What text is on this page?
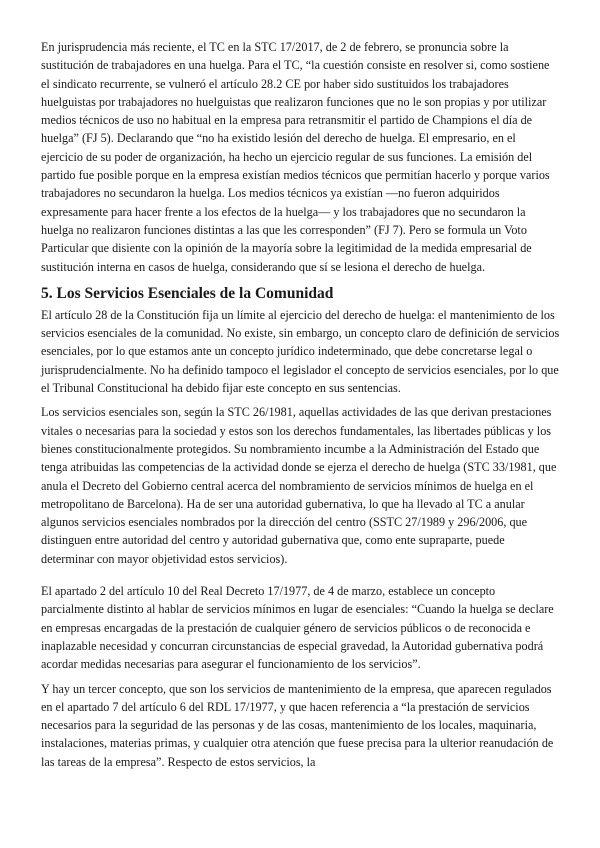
En jurisprudencia más reciente, el TC en la STC 17/2017, de 2 de febrero, se pronuncia sobre la sustitución de trabajadores en una huelga. Para el TC, “la cuestión consiste en resolver si, como sostiene el sindicato recurrente, se vulneró el artículo 28.2 CE por haber sido sustituidos los trabajadores huelguistas por trabajadores no huelguistas que realizaron funciones que no le son propias y por utilizar medios técnicos de uso no habitual en la empresa para retransmitir el partido de Champions el día de huelga” (FJ 5). Declarando que “no ha existido lesión del derecho de huelga. El empresario, en el ejercicio de su poder de organización, ha hecho un ejercicio regular de sus funciones. La emisión del partido fue posible porque en la empresa existían medios técnicos que permitían hacerlo y porque varios trabajadores no secundaron la huelga. Los medios técnicos ya existían —no fueron adquiridos expresamente para hacer frente a los efectos de la huelga— y los trabajadores que no secundaron la huelga no realizaron funciones distintas a las que les corresponden” (FJ 7). Pero se formula un Voto Particular que disiente con la opinión de la mayoría sobre la legitimidad de la medida empresarial de sustitución interna en casos de huelga, considerando que sí se lesiona el derecho de huelga.

5. Los Servicios Esenciales de la Comunidad

El artículo 28 de la Constitución fija un límite al ejercicio del derecho de huelga: el mantenimiento de los servicios esenciales de la comunidad. No existe, sin embargo, un concepto claro de definición de servicios esenciales, por lo que estamos ante un concepto jurídico indeterminado, que debe concretarse legal o jurisprudencialmente. No ha definido tampoco el legislador el concepto de servicios esenciales, por lo que el Tribunal Constitucional ha debido fijar este concepto en sus sentencias.

Los servicios esenciales son, según la STC 26/1981, aquellas actividades de las que derivan prestaciones vitales o necesarias para la sociedad y estos son los derechos fundamentales, las libertades públicas y los bienes constitucionalmente protegidos. Su nombramiento incumbe a la Administración del Estado que tenga atribuidas las competencias de la actividad donde se ejerza el derecho de huelga (STC 33/1981, que anula el Decreto del Gobierno central acerca del nombramiento de servicios mínimos de huelga en el metropolitano de Barcelona). Ha de ser una autoridad gubernativa, lo que ha llevado al TC a anular algunos servicios esenciales nombrados por la dirección del centro (SSTC 27/1989 y 296/2006, que distinguen entre autoridad del centro y autoridad gubernativa que, como ente supraparte, puede determinar con mayor objetividad estos servicios).

El apartado 2 del artículo 10 del Real Decreto 17/1977, de 4 de marzo, establece un concepto parcialmente distinto al hablar de servicios mínimos en lugar de esenciales: “Cuando la huelga se declare en empresas encargadas de la prestación de cualquier género de servicios públicos o de reconocida e inaplazable necesidad y concurran circunstancias de especial gravedad, la Autoridad gubernativa podrá acordar medidas necesarias para asegurar el funcionamiento de los servicios”.

Y hay un tercer concepto, que son los servicios de mantenimiento de la empresa, que aparecen regulados en el apartado 7 del artículo 6 del RDL 17/1977, y que hacen referencia a “la prestación de servicios necesarios para la seguridad de las personas y de las cosas, mantenimiento de los locales, maquinaria, instalaciones, materias primas, y cualquier otra atención que fuese precisa para la ulterior reanudación de las tareas de la empresa”. Respecto de estos servicios, la
